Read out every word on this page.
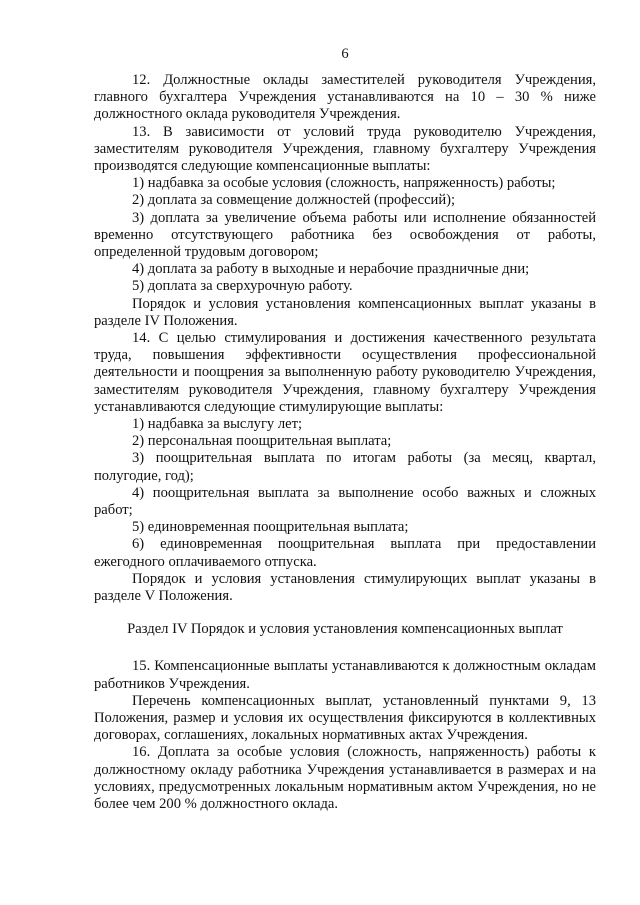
6

12. Должностные оклады заместителей руководителя Учреждения, главного бухгалтера Учреждения устанавливаются на 10 – 30 % ниже должностного оклада руководителя Учреждения.

13. В зависимости от условий труда руководителю Учреждения, заместителям руководителя Учреждения, главному бухгалтеру Учреждения производятся следующие компенсационные выплаты:

1) надбавка за особые условия (сложность, напряженность) работы;

2) доплата за совмещение должностей (профессий);

3) доплата за увеличение объема работы или исполнение обязанностей временно отсутствующего работника без освобождения от работы, определенной трудовым договором;

4) доплата за работу в выходные и нерабочие праздничные дни;

5) доплата за сверхурочную работу.

Порядок и условия установления компенсационных выплат указаны в разделе IV Положения.

14. С целью стимулирования и достижения качественного результата труда, повышения эффективности осуществления профессиональной деятельности и поощрения за выполненную работу руководителю Учреждения, заместителям руководителя Учреждения, главному бухгалтеру Учреждения устанавливаются следующие стимулирующие выплаты:

1) надбавка за выслугу лет;

2) персональная поощрительная выплата;

3) поощрительная выплата по итогам работы (за месяц, квартал, полугодие, год);

4) поощрительная выплата за выполнение особо важных и сложных работ;

5) единовременная поощрительная выплата;

6) единовременная поощрительная выплата при предоставлении ежегодного оплачиваемого отпуска.

Порядок и условия установления стимулирующих выплат указаны в разделе V Положения.

Раздел IV Порядок и условия установления компенсационных выплат

15. Компенсационные выплаты устанавливаются к должностным окладам работников Учреждения.

Перечень компенсационных выплат, установленный пунктами 9, 13 Положения, размер и условия их осуществления фиксируются в коллективных договорах, соглашениях, локальных нормативных актах Учреждения.

16. Доплата за особые условия (сложность, напряженность) работы к должностному окладу работника Учреждения устанавливается в размерах и на условиях, предусмотренных локальным нормативным актом Учреждения, но не более чем 200 % должностного оклада.
